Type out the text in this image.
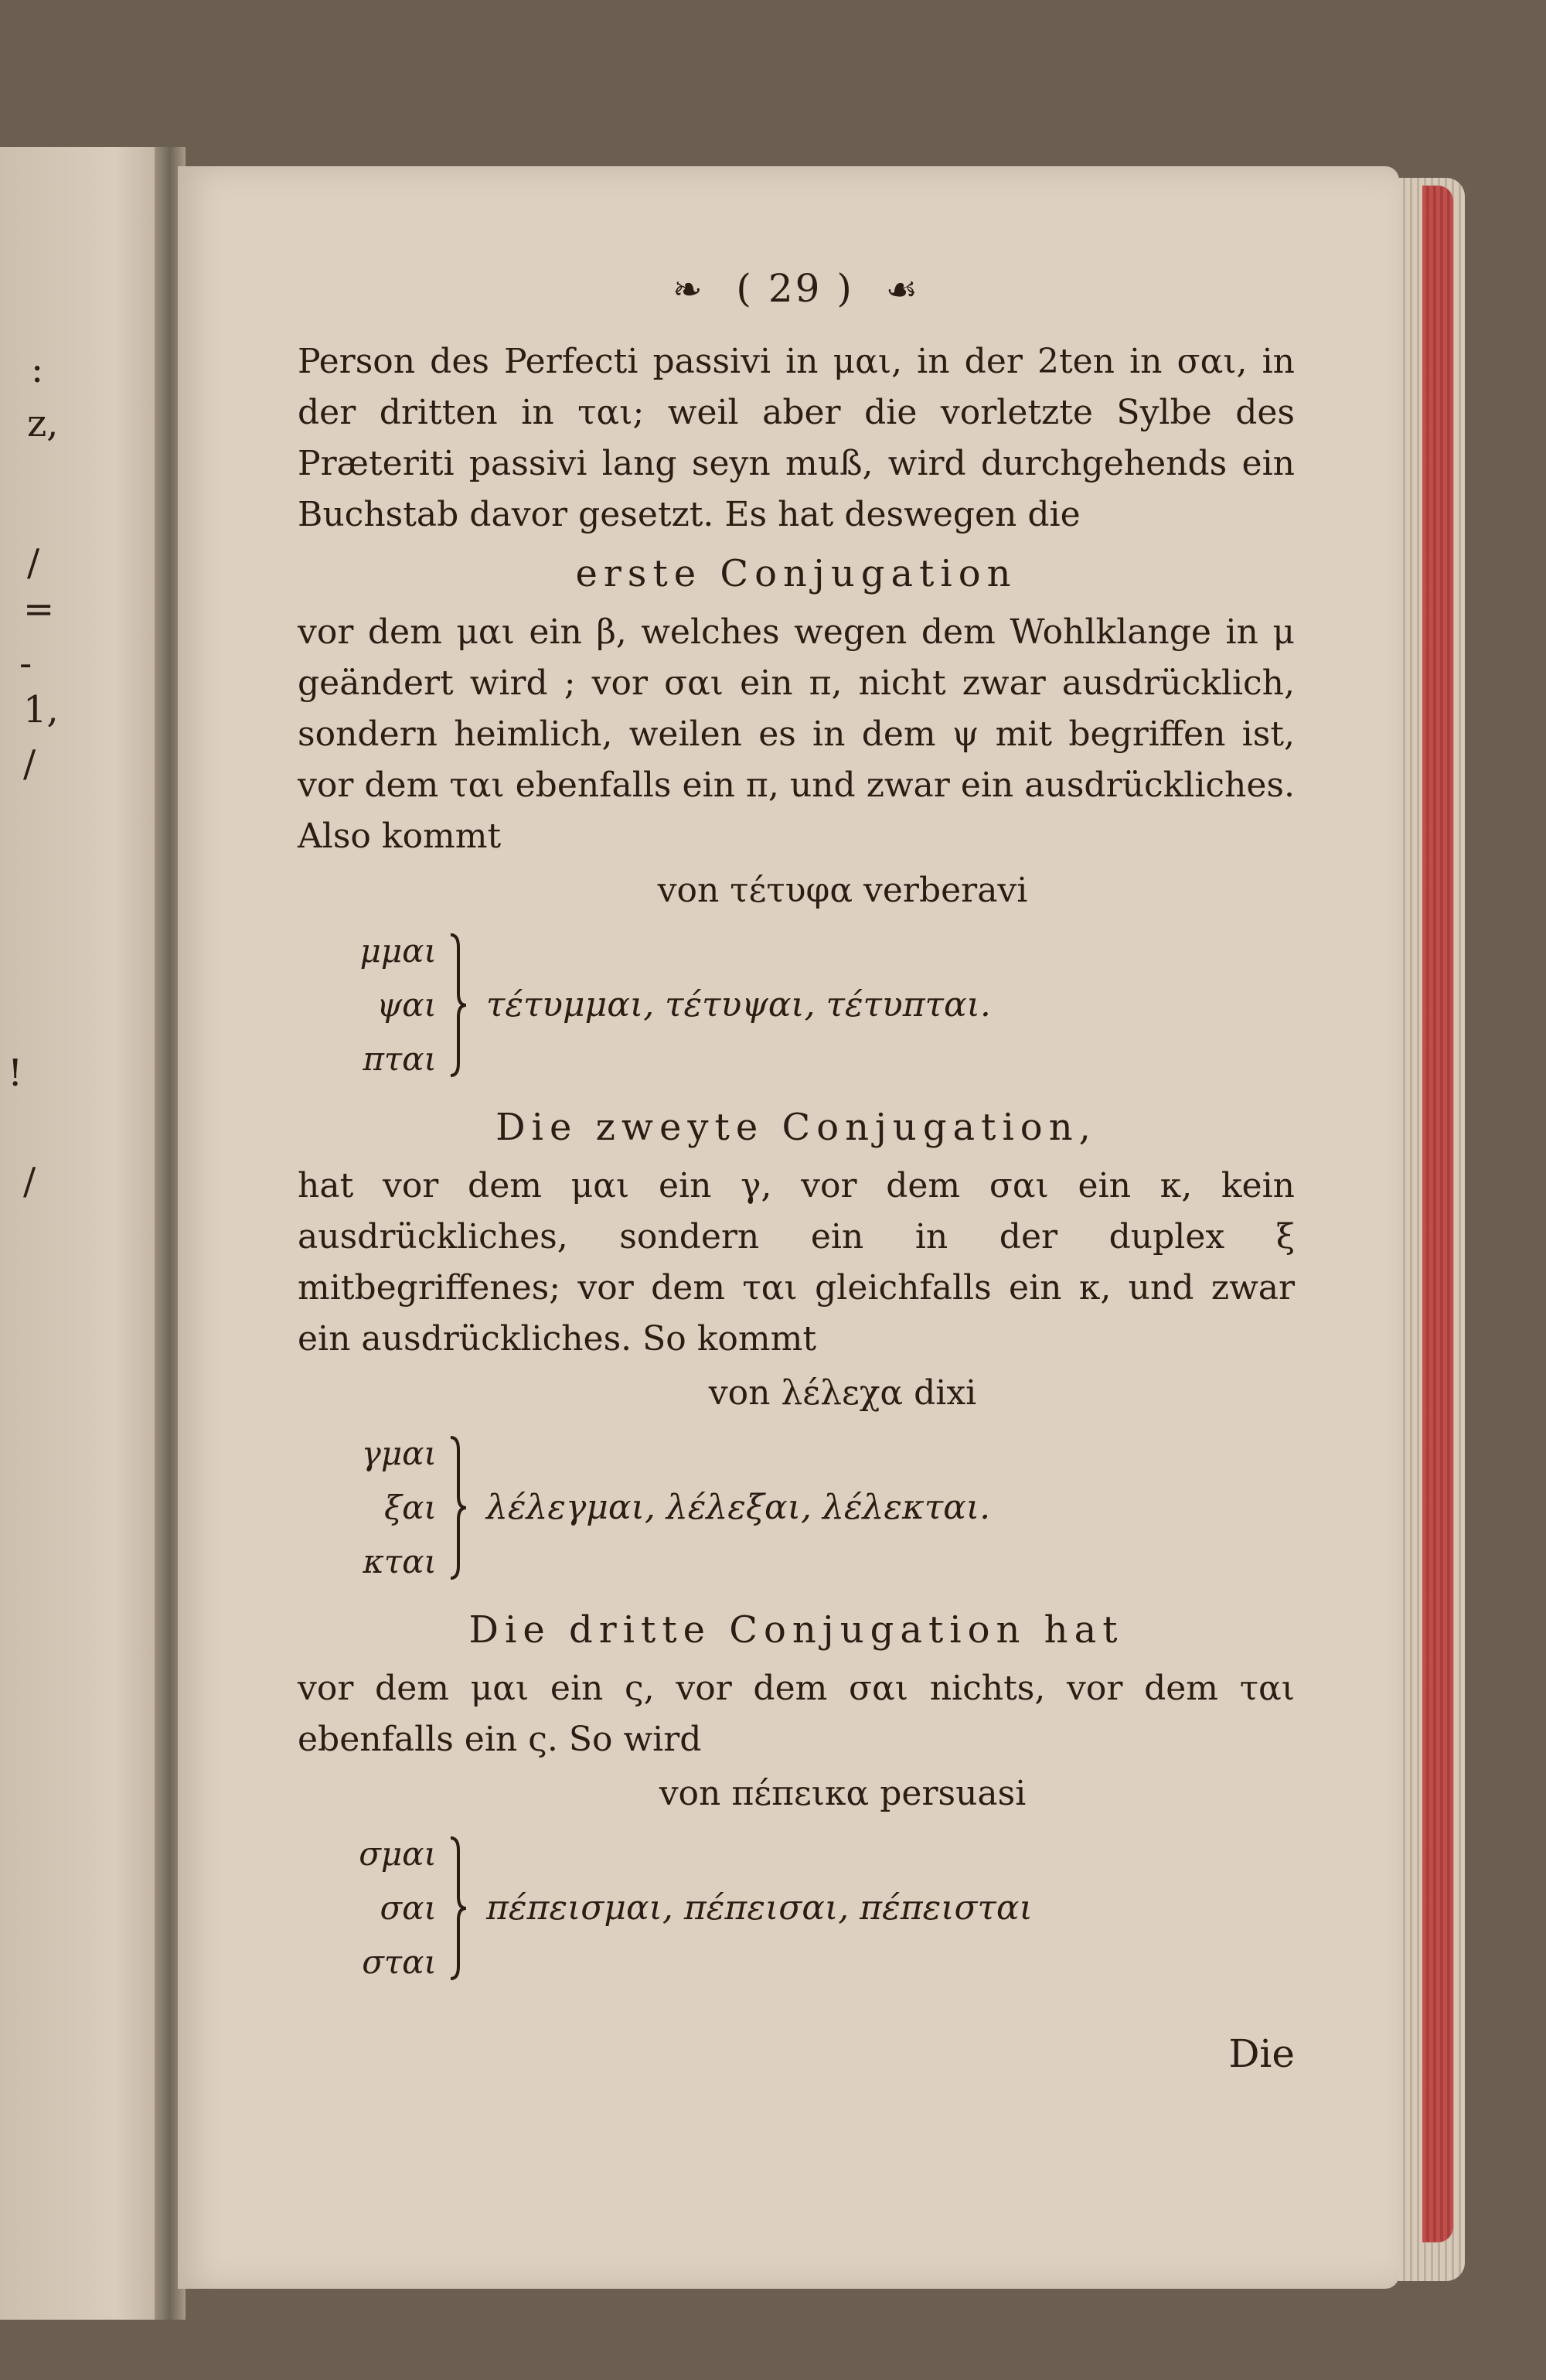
:
z,
/
=
-
1,
/
!
/
❧ ( 29 ) ☙
Person des Perfecti passivi in μαι, in der 2ten in σαι, in der dritten in ται; weil aber die vorletzte Sylbe des Præteriti passivi lang seyn muß, wird durchgehends ein Buchstab davor gesetzt. Es hat deswegen die
erste Conjugation
vor dem μαι ein β, welches wegen dem Wohlklange in μ geändert wird ; vor σαι ein π, nicht zwar ausdrücklich, sondern heimlich, weilen es in dem ψ mit begriffen ist, vor dem ται ebenfalls ein π, und zwar ein ausdrückliches. Also kommt
von τέτυφα verberavi
μμαι
ψαι
πται
τέτυμμαι, τέτυψαι, τέτυπται.
Die zweyte Conjugation,
hat vor dem μαι ein γ, vor dem σαι ein κ, kein ausdrückliches, sondern ein in der duplex ξ mitbegriffenes; vor dem ται gleichfalls ein κ, und zwar ein ausdrückliches. So kommt
von λέλεχα dixi
γμαι
ξαι
κται
λέλεγμαι, λέλεξαι, λέλεκται.
Die dritte Conjugation hat
vor dem μαι ein ς, vor dem σαι nichts, vor dem ται ebenfalls ein ς. So wird
von πέπεικα persuasi
σμαι
σαι
σται
πέπεισμαι, πέπεισαι, πέπεισται
Die
